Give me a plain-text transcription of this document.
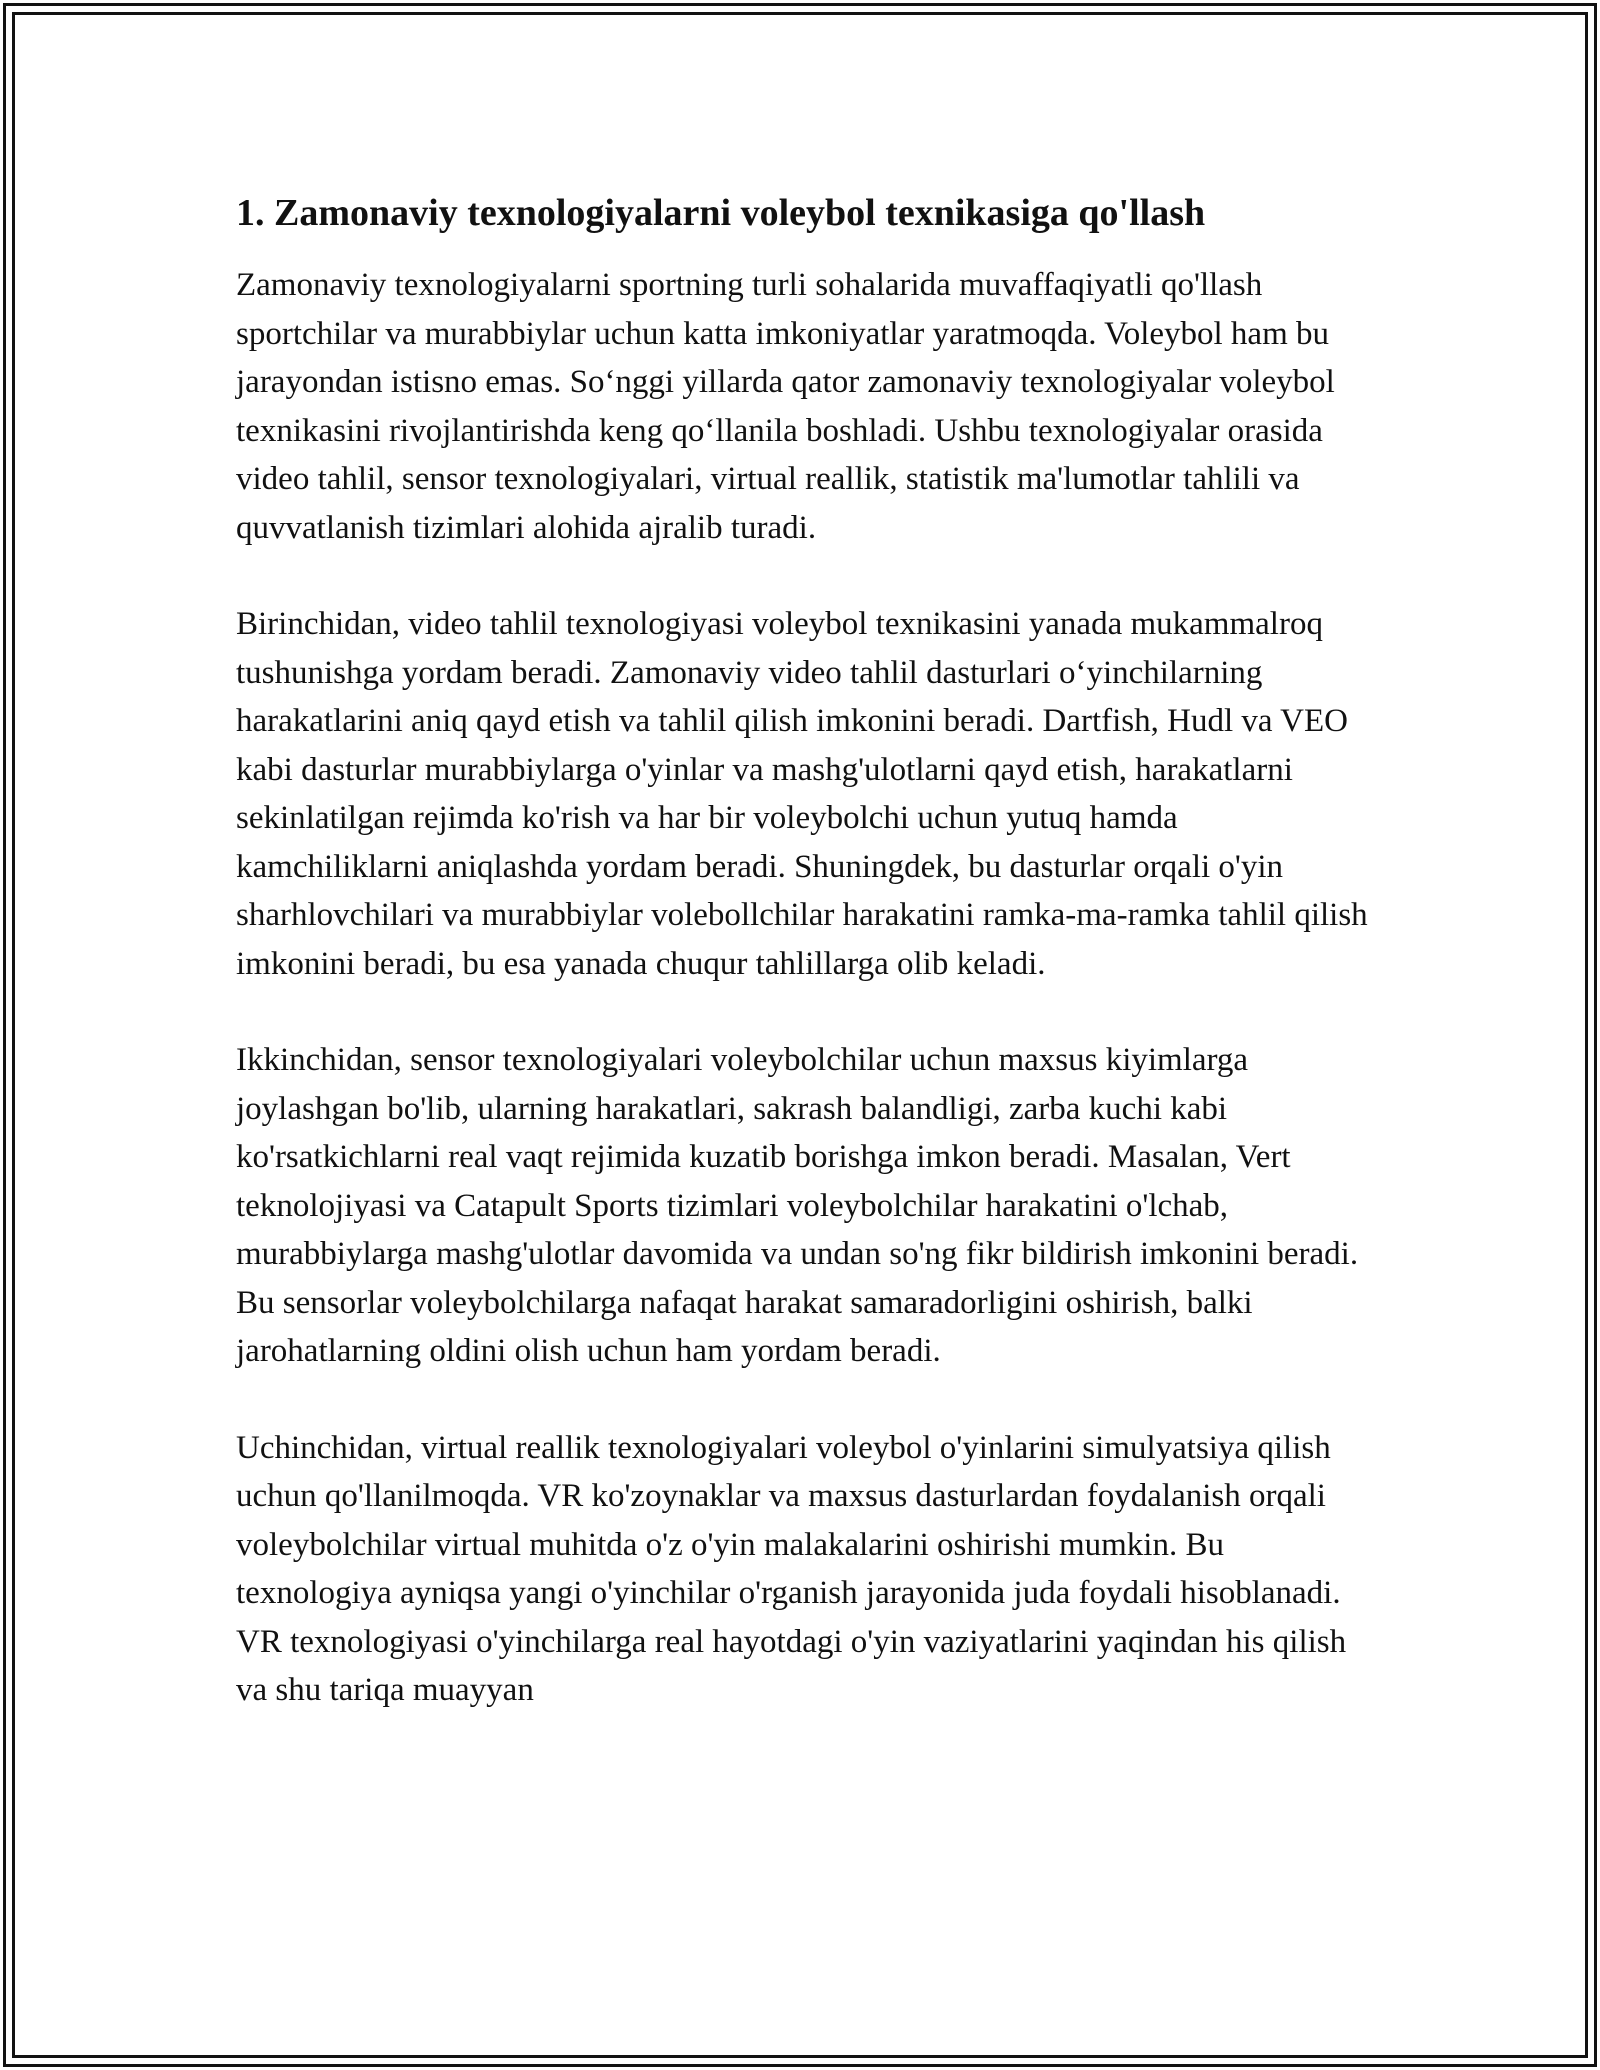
1. Zamonaviy texnologiyalarni voleybol texnikasiga qo'llash

Zamonaviy texnologiyalarni sportning turli sohalarida muvaffaqiyatli qo'llash sportchilar va murabbiylar uchun katta imkoniyatlar yaratmoqda. Voleybol ham bu jarayondan istisno emas. So‘nggi yillarda qator zamonaviy texnologiyalar voleybol texnikasini rivojlantirishda keng qo‘llanila boshladi. Ushbu texnologiyalar orasida video tahlil, sensor texnologiyalari, virtual reallik, statistik ma'lumotlar tahlili va quvvatlanish tizimlari alohida ajralib turadi.

Birinchidan, video tahlil texnologiyasi voleybol texnikasini yanada mukammalroq tushunishga yordam beradi. Zamonaviy video tahlil dasturlari o‘yinchilarning harakatlarini aniq qayd etish va tahlil qilish imkonini beradi. Dartfish, Hudl va VEO kabi dasturlar murabbiylarga o'yinlar va mashg'ulotlarni qayd etish, harakatlarni sekinlatilgan rejimda ko'rish va har bir voleybolchi uchun yutuq hamda kamchiliklarni aniqlashda yordam beradi. Shuningdek, bu dasturlar orqali o'yin sharhlovchilari va murabbiylar volebollchilar harakatini ramka-ma-ramka tahlil qilish imkonini beradi, bu esa yanada chuqur tahlillarga olib keladi.

Ikkinchidan, sensor texnologiyalari voleybolchilar uchun maxsus kiyimlarga joylashgan bo'lib, ularning harakatlari, sakrash balandligi, zarba kuchi kabi ko'rsatkichlarni real vaqt rejimida kuzatib borishga imkon beradi. Masalan, Vert teknolojiyasi va Catapult Sports tizimlari voleybolchilar harakatini o'lchab, murabbiylarga mashg'ulotlar davomida va undan so'ng fikr bildirish imkonini beradi. Bu sensorlar voleybolchilarga nafaqat harakat samaradorligini oshirish, balki jarohatlarning oldini olish uchun ham yordam beradi.

Uchinchidan, virtual reallik texnologiyalari voleybol o'yinlarini simulyatsiya qilish uchun qo'llanilmoqda. VR ko'zoynaklar va maxsus dasturlardan foydalanish orqali voleybolchilar virtual muhitda o'z o'yin malakalarini oshirishi mumkin. Bu texnologiya ayniqsa yangi o'yinchilar o'rganish jarayonida juda foydali hisoblanadi. VR texnologiyasi o'yinchilarga real hayotdagi o'yin vaziyatlarini yaqindan his qilish va shu tariqa muayyan
